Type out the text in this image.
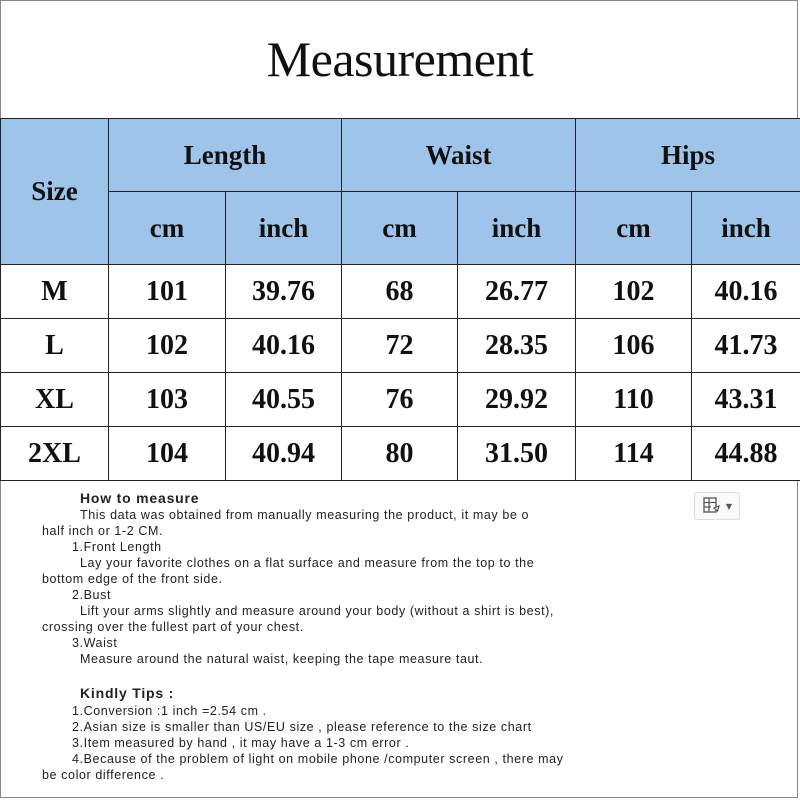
Measurement
Size	Length		Waist		Hips	
	cm	inch	cm	inch	cm	inch
M	101	39.76	68	26.77	102	40.16
L	102	40.16	72	28.35	106	41.73
XL	103	40.55	76	29.92	110	43.31
2XL	104	40.94	80	31.50	114	44.88
How to measure
This data was obtained from manually measuring the product, it may be o
half inch or 1-2 CM.
1.Front Length
Lay your favorite clothes on a flat surface and measure from the top to the
bottom edge of the front side.
2.Bust
Lift your arms slightly and measure around your body (without a shirt is best),
crossing over the fullest part of your chest.
3.Waist
Measure around the natural waist, keeping the tape measure taut.
Kindly Tips :
1.Conversion :1 inch =2.54 cm .
2.Asian size is smaller than US/EU size , please reference to the size chart
3.Item measured by hand , it may have a 1-3 cm error .
4.Because of the problem of light on mobile phone /computer screen , there may
be color difference .
▼
